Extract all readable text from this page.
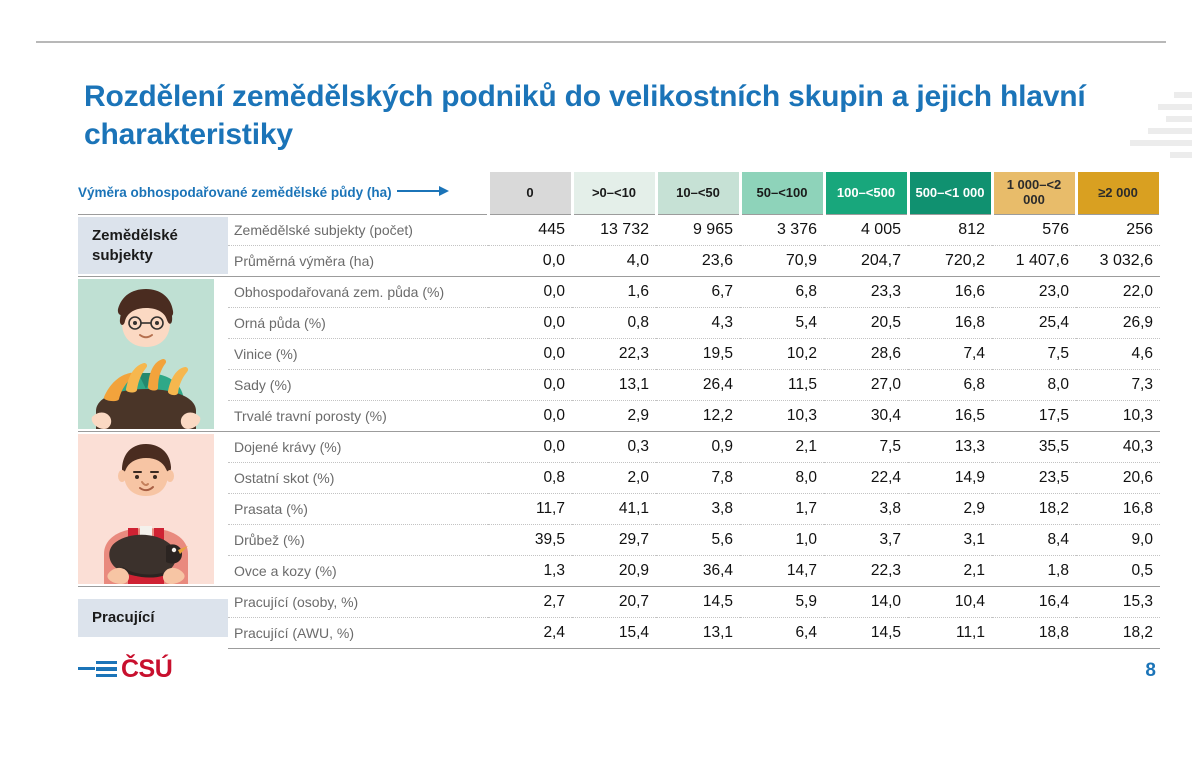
Rozdělení zemědělských podniků do velikostních skupin a jejich hlavní charakteristiky
Výměra obhospodařované zemědělské půdy (ha)		0	>0–<10	10–<50	50–<100	100–<500	500–<1 000	1 000–<2 000	≥2 000

Zemědělské subjekty	Zemědělské subjekty (počet)	445	13 732	9 965	3 376	4 005	812	576	256
	Průměrná výměra (ha)	0,0	4,0	23,6	70,9	204,7	720,2	1 407,6	3 032,6

	Obhospodařovaná zem. půda (%)	0,0	1,6	6,7	6,8	23,3	16,6	23,0	22,0
	Orná půda (%)	0,0	0,8	4,3	5,4	20,5	16,8	25,4	26,9
	Vinice (%)	0,0	22,3	19,5	10,2	28,6	7,4	7,5	4,6
	Sady (%)	0,0	13,1	26,4	11,5	27,0	6,8	8,0	7,3
	Trvalé travní porosty (%)	0,0	2,9	12,2	10,3	30,4	16,5	17,5	10,3

	Dojené krávy (%)	0,0	0,3	0,9	2,1	7,5	13,3	35,5	40,3
	Ostatní skot (%)	0,8	2,0	7,8	8,0	22,4	14,9	23,5	20,6
	Prasata (%)	11,7	41,1	3,8	1,7	3,8	2,9	18,2	16,8
	Drůbež (%)	39,5	29,7	5,6	1,0	3,7	3,1	8,4	9,0
	Ovce a kozy (%)	1,3	20,9	36,4	14,7	22,3	2,1	1,8	0,5

Pracující	Pracující (osoby, %)	2,7	20,7	14,5	5,9	14,0	10,4	16,4	15,3
	Pracující (AWU, %)	2,4	15,4	13,1	6,4	14,5	11,1	18,8	18,2
ČSÚ	8
